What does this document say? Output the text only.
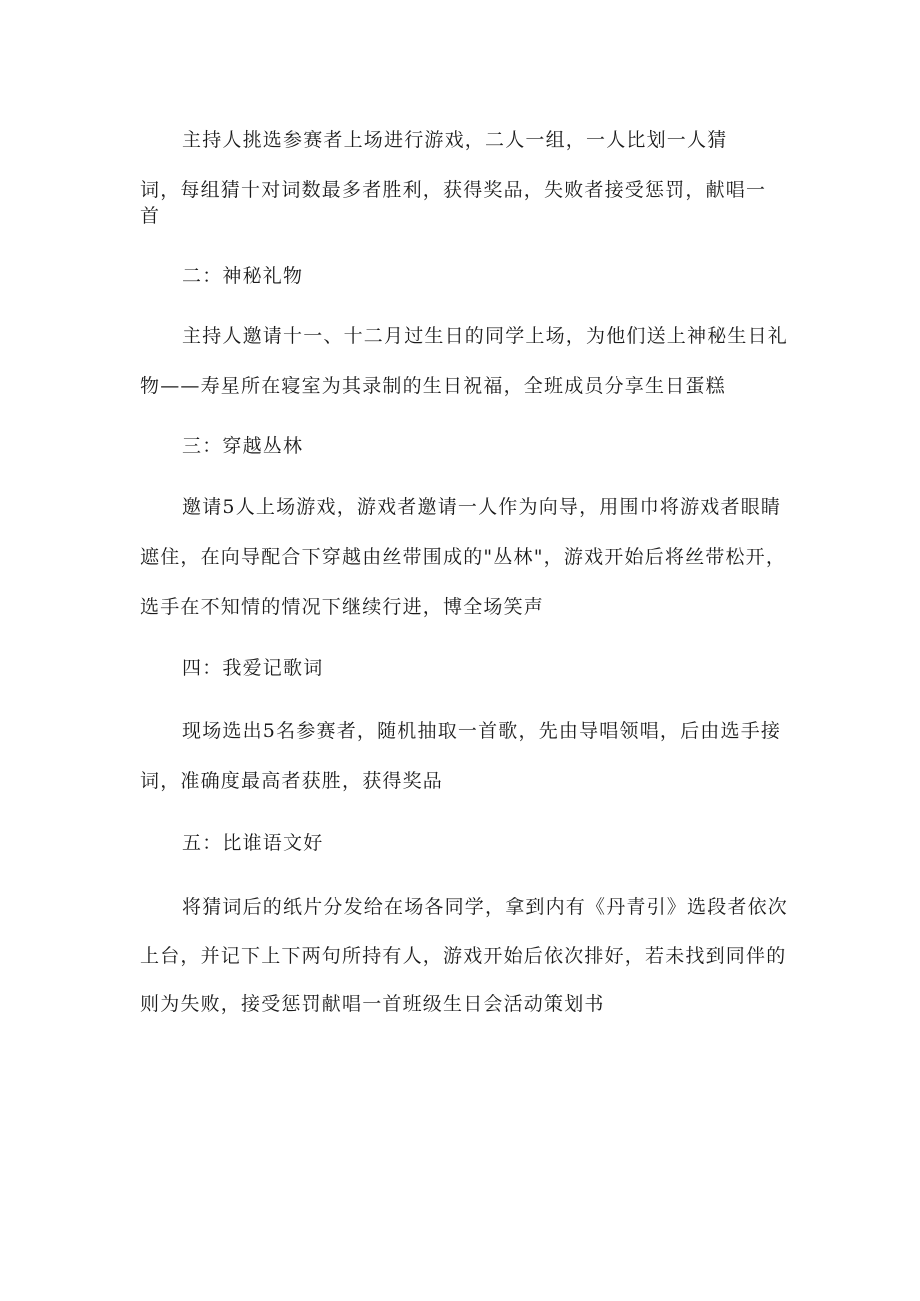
主持人挑选参赛者上场进行游戏，二人一组，一人比划一人猜
词，每组猜十对词数最多者胜利，获得奖品，失败者接受惩罚，献唱一
首
二：神秘礼物
主持人邀请十一、十二月过生日的同学上场，为他们送上神秘生日礼
物——寿星所在寝室为其录制的生日祝福，全班成员分享生日蛋糕
三：穿越丛林
邀请5人上场游戏，游戏者邀请一人作为向导，用围巾将游戏者眼睛
遮住，在向导配合下穿越由丝带围成的"丛林"，游戏开始后将丝带松开，
选手在不知情的情况下继续行进，博全场笑声
四：我爱记歌词
现场选出5名参赛者，随机抽取一首歌，先由导唱领唱，后由选手接
词，准确度最高者获胜，获得奖品
五：比谁语文好
将猜词后的纸片分发给在场各同学，拿到内有《丹青引》选段者依次
上台，并记下上下两句所持有人，游戏开始后依次排好，若未找到同伴的
则为失败，接受惩罚献唱一首班级生日会活动策划书
